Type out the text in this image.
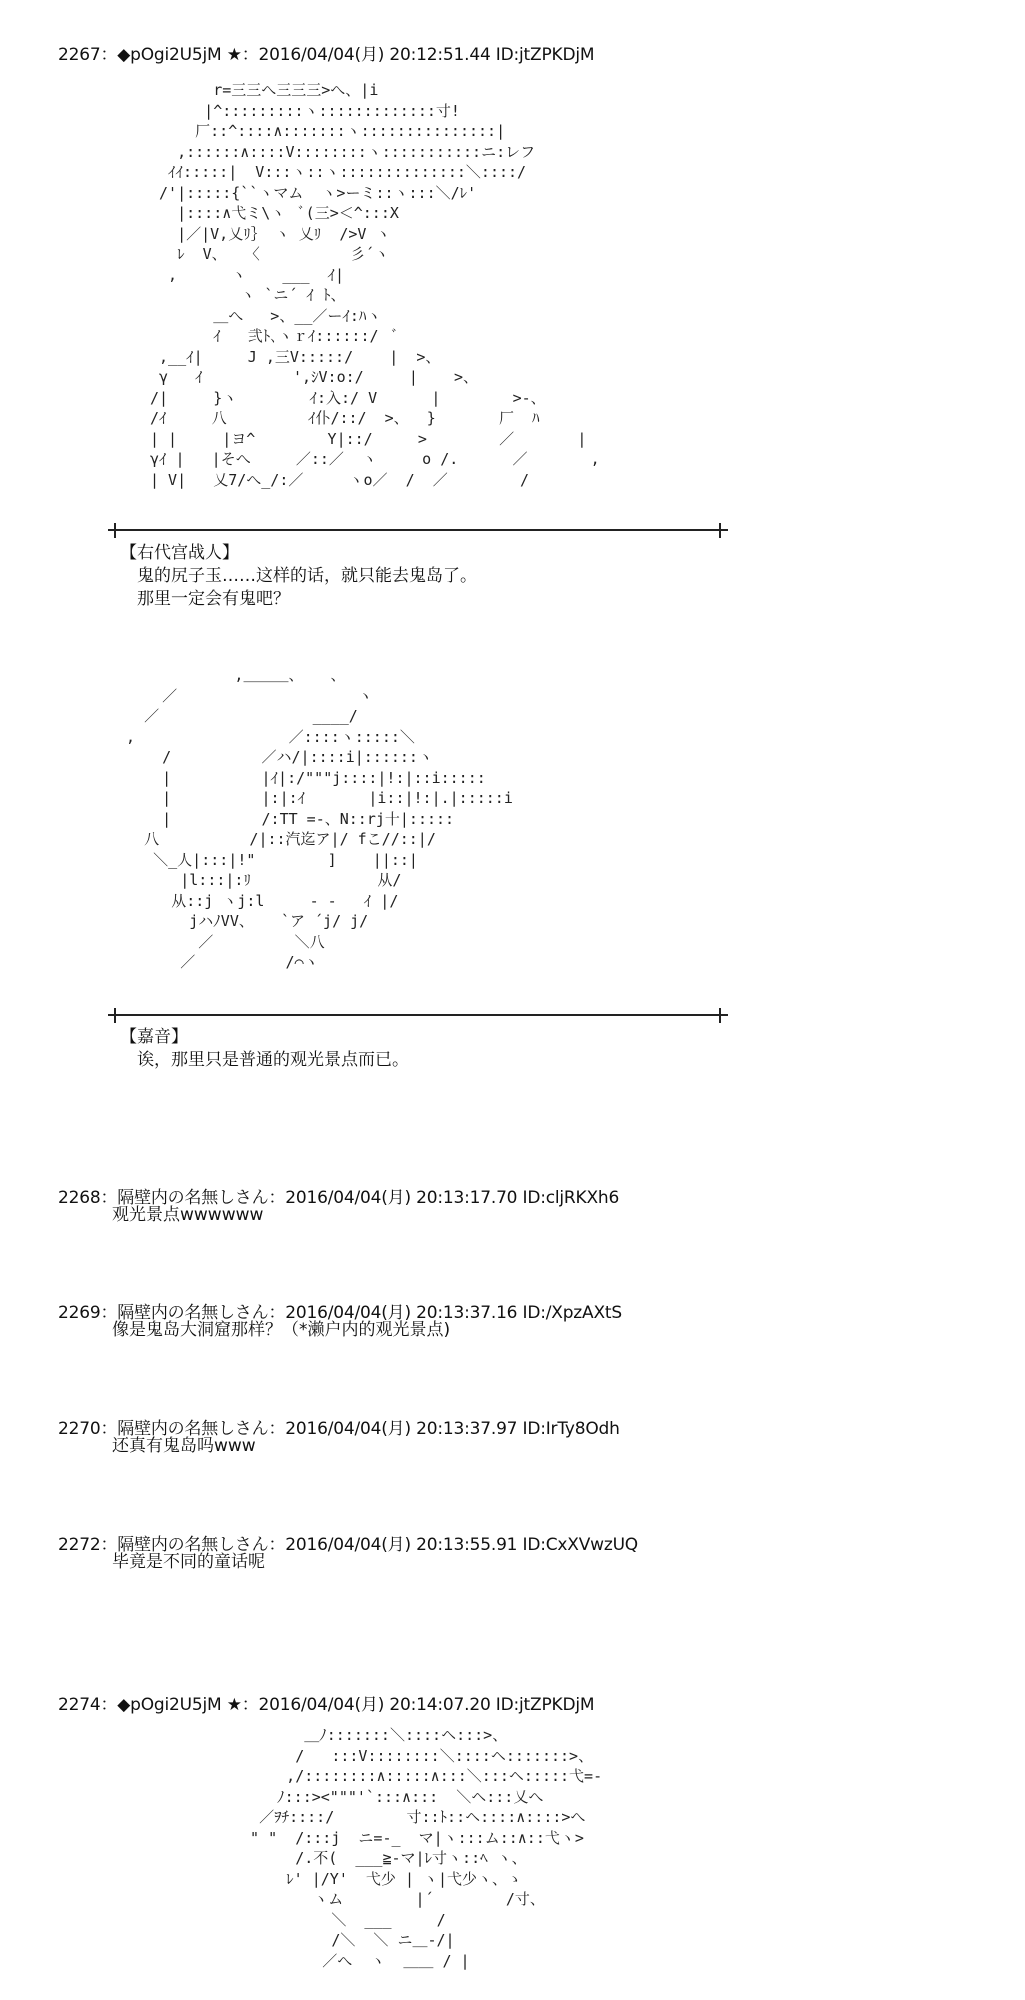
2267：◆pOgi2U5jM ★：2016/04/04(月) 20:12:51.44 ID:jtZPKDjM
r=三三へ三三三>へ、|i
|^:::::::::ヽ:::::::::::::寸!
厂::^::::∧:::::::ヽ:::::::::::::::|
,::::::∧::::V::::::::ヽ:::::::::::ニ:レフ
ｲｲ:::::|  V:::ヽ::ヽ::::::::::::::＼::::/
/'|:::::{``ヽマム  ヽ>ーミ::ヽ:::＼/ﾚ'
|::::∧弋ミ\ヽ  ﾞ(三>＜^:::X
|／|V,乂ﾘ｝ ヽ 乂ﾘ  />V ヽ
ﾚ  V、  〈          彡´ヽ
,      ヽ    ___  ｲ|
ヽ `ニ´ ｲ ﾄ、
＿へ   >、__／ーｲ:ﾊヽ
ｲ   弐ﾄ､ヽｒｲ::::::/  ﾞ
,__ｲ|     J ,三V:::::/    |  >、
γ   ｲ          ',ｼV:o:/     |    >、
/|     }ヽ        ｲ:入:/ V      |        >-、
/ｲ     八         ｲ仆/::/  >、  }       厂  ﾊ
| |     |ヨ^        Y|::/     >        ／       |
γｲ |   |そへ     ／::／  ヽ     o /.      ／       ,
| V|   乂7/へ_/:／     ヽo／  /  ／        /
【右代宫战人】
鬼的尻子玉……这样的话，就只能去鬼岛了。
那里一定会有鬼吧？
,＿＿＿、   、
／                    ヽ
／                 ____/
,                 ／::::ヽ:::::＼
/          ／ハ/|::::i|::::::ヽ
|          |ｲ|:/"""j::::|!:|::i:::::
|          |:|:ｲ       |i::|!:|.|:::::i
|          /:TT =-、N::rj十|:::::
八          /|::汽迄ア|/ fこ//::|/
＼_人|:::|!"        ]    ||::|
|l:::|:ﾘ              从/
从::j ヽj:l     - -   ｲ |/
jハﾉVV、   `ア ´j/ j/
／         ＼八
／          /⌒ヽ
【嘉音】
诶，那里只是普通的观光景点而已。
2268：隔壁内の名無しさん：2016/04/04(月) 20:13:17.70 ID:cljRKXh6
观光景点wwwwww
2269：隔壁内の名無しさん：2016/04/04(月) 20:13:37.16 ID:/XpzAXtS
像是鬼岛大洞窟那样？（*濑户内的观光景点)
2270：隔壁内の名無しさん：2016/04/04(月) 20:13:37.97 ID:IrTy8Odh
还真有鬼岛吗www
2272：隔壁内の名無しさん：2016/04/04(月) 20:13:55.91 ID:CxXVwzUQ
毕竟是不同的童话呢
2274：◆pOgi2U5jM ★：2016/04/04(月) 20:14:07.20 ID:jtZPKDjM
＿ﾉ:::::::＼::::ヘ:::>、
/   :::V::::::::＼::::ヘ:::::::>、
,/::::::::∧:::::∧:::＼:::ヘ:::::弋=-
ﾉ:::><"""'`:::∧:::  ＼ヘ:::乂へ
／ｦﾁ::::/        寸::ﾄ::ヘ::::∧::::>へ
" "  /:::j  ニ=-_  マ|ヽ:::ム::∧::弋ヽ>
/.不(  ___≧-マ|ﾚ寸ヽ::ﾍ ヽ、
ﾚ' |/Y'  弋少 | ヽ|弋少ヽ、ゝ
ヽム        |´        /寸、
＼  ___     /
/＼  ＼ ニ＿-/|
／へ  ヽ  ＿＿ / |
